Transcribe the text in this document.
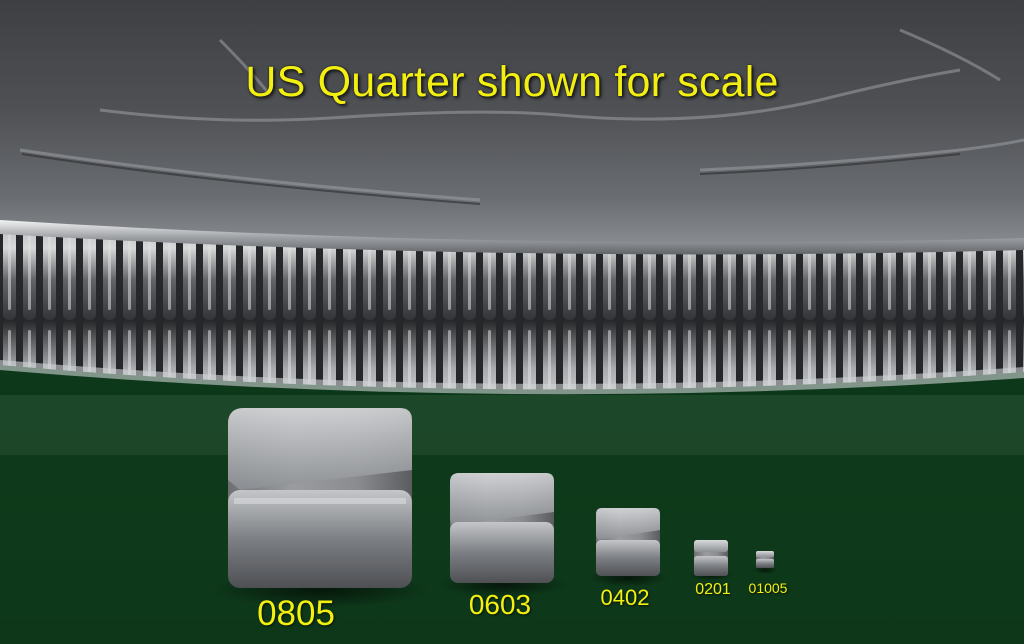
US Quarter shown for scale
0805	0603	0402	0201	01005
